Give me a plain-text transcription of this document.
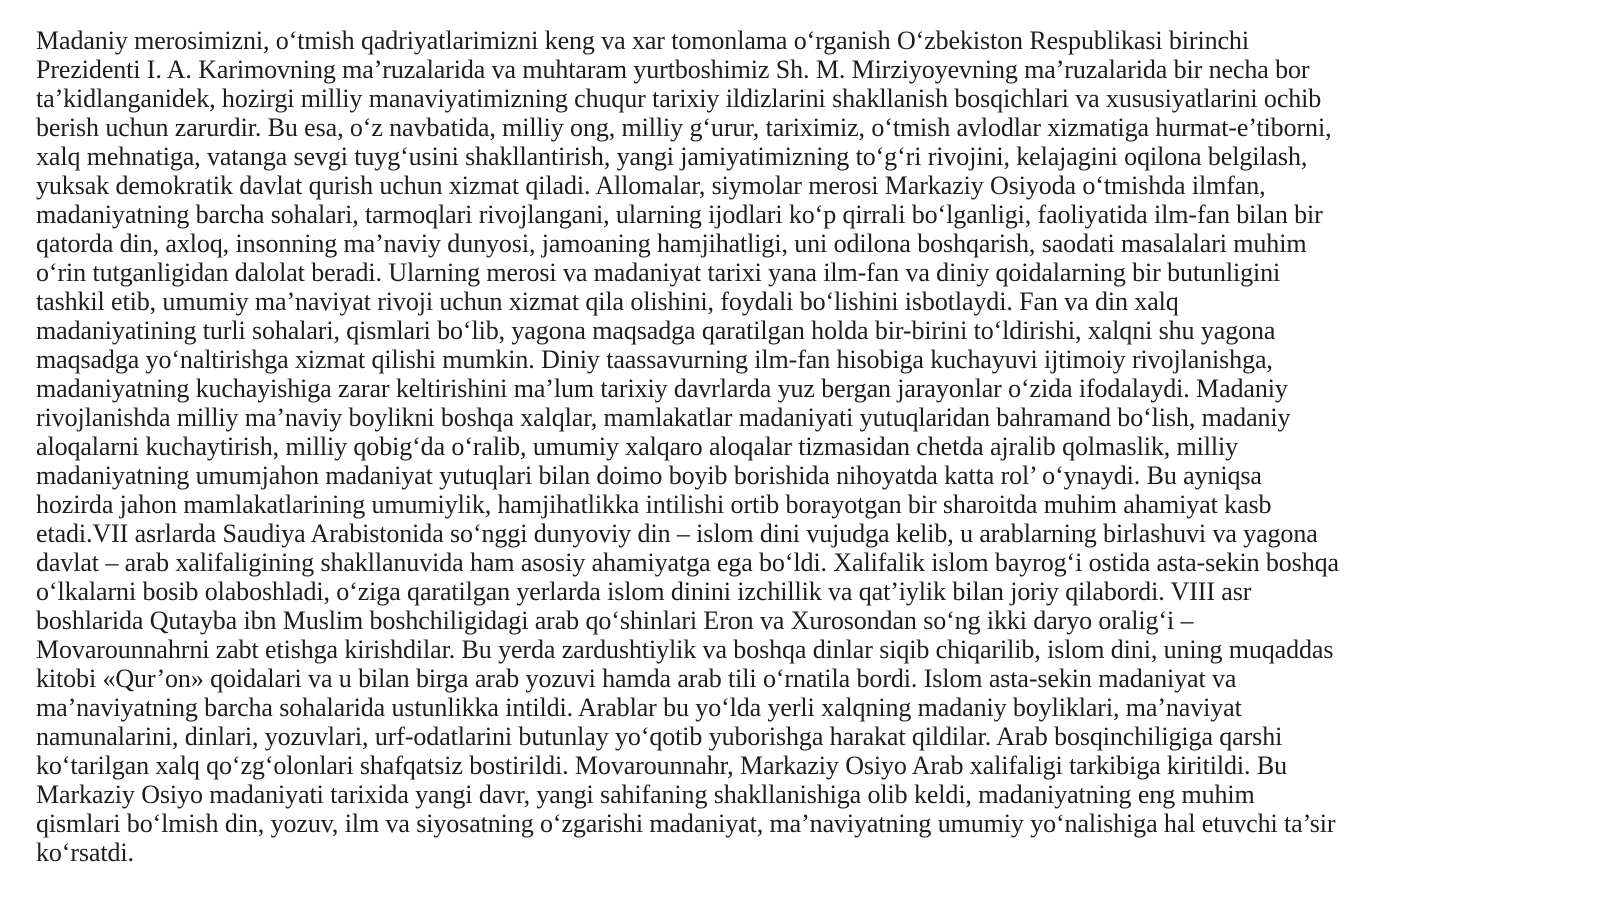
Madaniy merosimizni, o‘tmish qadriyatlarimizni keng va xar tomonlama o‘rganish O‘zbekiston Respublikasi birinchi
Prezidenti I. A. Karimovning ma’ruzalarida va muhtaram yurtboshimiz Sh. M. Mirziyoyevning ma’ruzalarida bir necha bor
ta’kidlanganidek, hozirgi milliy manaviyatimizning chuqur tarixiy ildizlarini shakllanish bosqichlari va xususiyatlarini ochib
berish uchun zarurdir. Bu esa, o‘z navbatida, milliy ong, milliy g‘urur, tariximiz, o‘tmish avlodlar xizmatiga hurmat-e’tiborni,
xalq mehnatiga, vatanga sevgi tuyg‘usini shakllantirish, yangi jamiyatimizning to‘g‘ri rivojini, kelajagini oqilona belgilash,
yuksak demokratik davlat qurish uchun xizmat qiladi. Allomalar, siymolar merosi Markaziy Osiyoda o‘tmishda ilmfan,
madaniyatning barcha sohalari, tarmoqlari rivojlangani, ularning ijodlari ko‘p qirrali bo‘lganligi, faoliyatida ilm-fan bilan bir
qatorda din, axloq, insonning ma’naviy dunyosi, jamoaning hamjihatligi, uni odilona boshqarish, saodati masalalari muhim
o‘rin tutganligidan dalolat beradi. Ularning merosi va madaniyat tarixi yana ilm-fan va diniy qoidalarning bir butunligini
tashkil etib, umumiy ma’naviyat rivoji uchun xizmat qila olishini, foydali bo‘lishini isbotlaydi. Fan va din xalq
madaniyatining turli sohalari, qismlari bo‘lib, yagona maqsadga qaratilgan holda bir-birini to‘ldirishi, xalqni shu yagona
maqsadga yo‘naltirishga xizmat qilishi mumkin. Diniy taassavurning ilm-fan hisobiga kuchayuvi ijtimoiy rivojlanishga,
madaniyatning kuchayishiga zarar keltirishini ma’lum tarixiy davrlarda yuz bergan jarayonlar o‘zida ifodalaydi. Madaniy
rivojlanishda milliy ma’naviy boylikni boshqa xalqlar, mamlakatlar madaniyati yutuqlaridan bahramand bo‘lish, madaniy
aloqalarni kuchaytirish, milliy qobig‘da o‘ralib, umumiy xalqaro aloqalar tizmasidan chetda ajralib qolmaslik, milliy
madaniyatning umumjahon madaniyat yutuqlari bilan doimo boyib borishida nihoyatda katta rol’ o‘ynaydi. Bu ayniqsa
hozirda jahon mamlakatlarining umumiylik, hamjihatlikka intilishi ortib borayotgan bir sharoitda muhim ahamiyat kasb
etadi.VII asrlarda Saudiya Arabistonida so‘nggi dunyoviy din – islom dini vujudga kelib, u arablarning birlashuvi va yagona
davlat – arab xalifaligining shakllanuvida ham asosiy ahamiyatga ega bo‘ldi. Xalifalik islom bayrog‘i ostida asta-sekin boshqa
o‘lkalarni bosib olaboshladi, o‘ziga qaratilgan yerlarda islom dinini izchillik va qat’iylik bilan joriy qilabordi. VIII asr
boshlarida Qutayba ibn Muslim boshchiligidagi arab qo‘shinlari Eron va Xurosondan so‘ng ikki daryo oralig‘i –
Movarounnahrni zabt etishga kirishdilar. Bu yerda zardushtiylik va boshqa dinlar siqib chiqarilib, islom dini, uning muqaddas
kitobi «Qur’on» qoidalari va u bilan birga arab yozuvi hamda arab tili o‘rnatila bordi. Islom asta-sekin madaniyat va
ma’naviyatning barcha sohalarida ustunlikka intildi. Arablar bu yo‘lda yerli xalqning madaniy boyliklari, ma’naviyat
namunalarini, dinlari, yozuvlari, urf-odatlarini butunlay yo‘qotib yuborishga harakat qildilar. Arab bosqinchiligiga qarshi
ko‘tarilgan xalq qo‘zg‘olonlari shafqatsiz bostirildi. Movarounnahr, Markaziy Osiyo Arab xalifaligi tarkibiga kiritildi. Bu
Markaziy Osiyo madaniyati tarixida yangi davr, yangi sahifaning shakllanishiga olib keldi, madaniyatning eng muhim
qismlari bo‘lmish din, yozuv, ilm va siyosatning o‘zgarishi madaniyat, ma’naviyatning umumiy yo‘nalishiga hal etuvchi ta’sir
ko‘rsatdi.
